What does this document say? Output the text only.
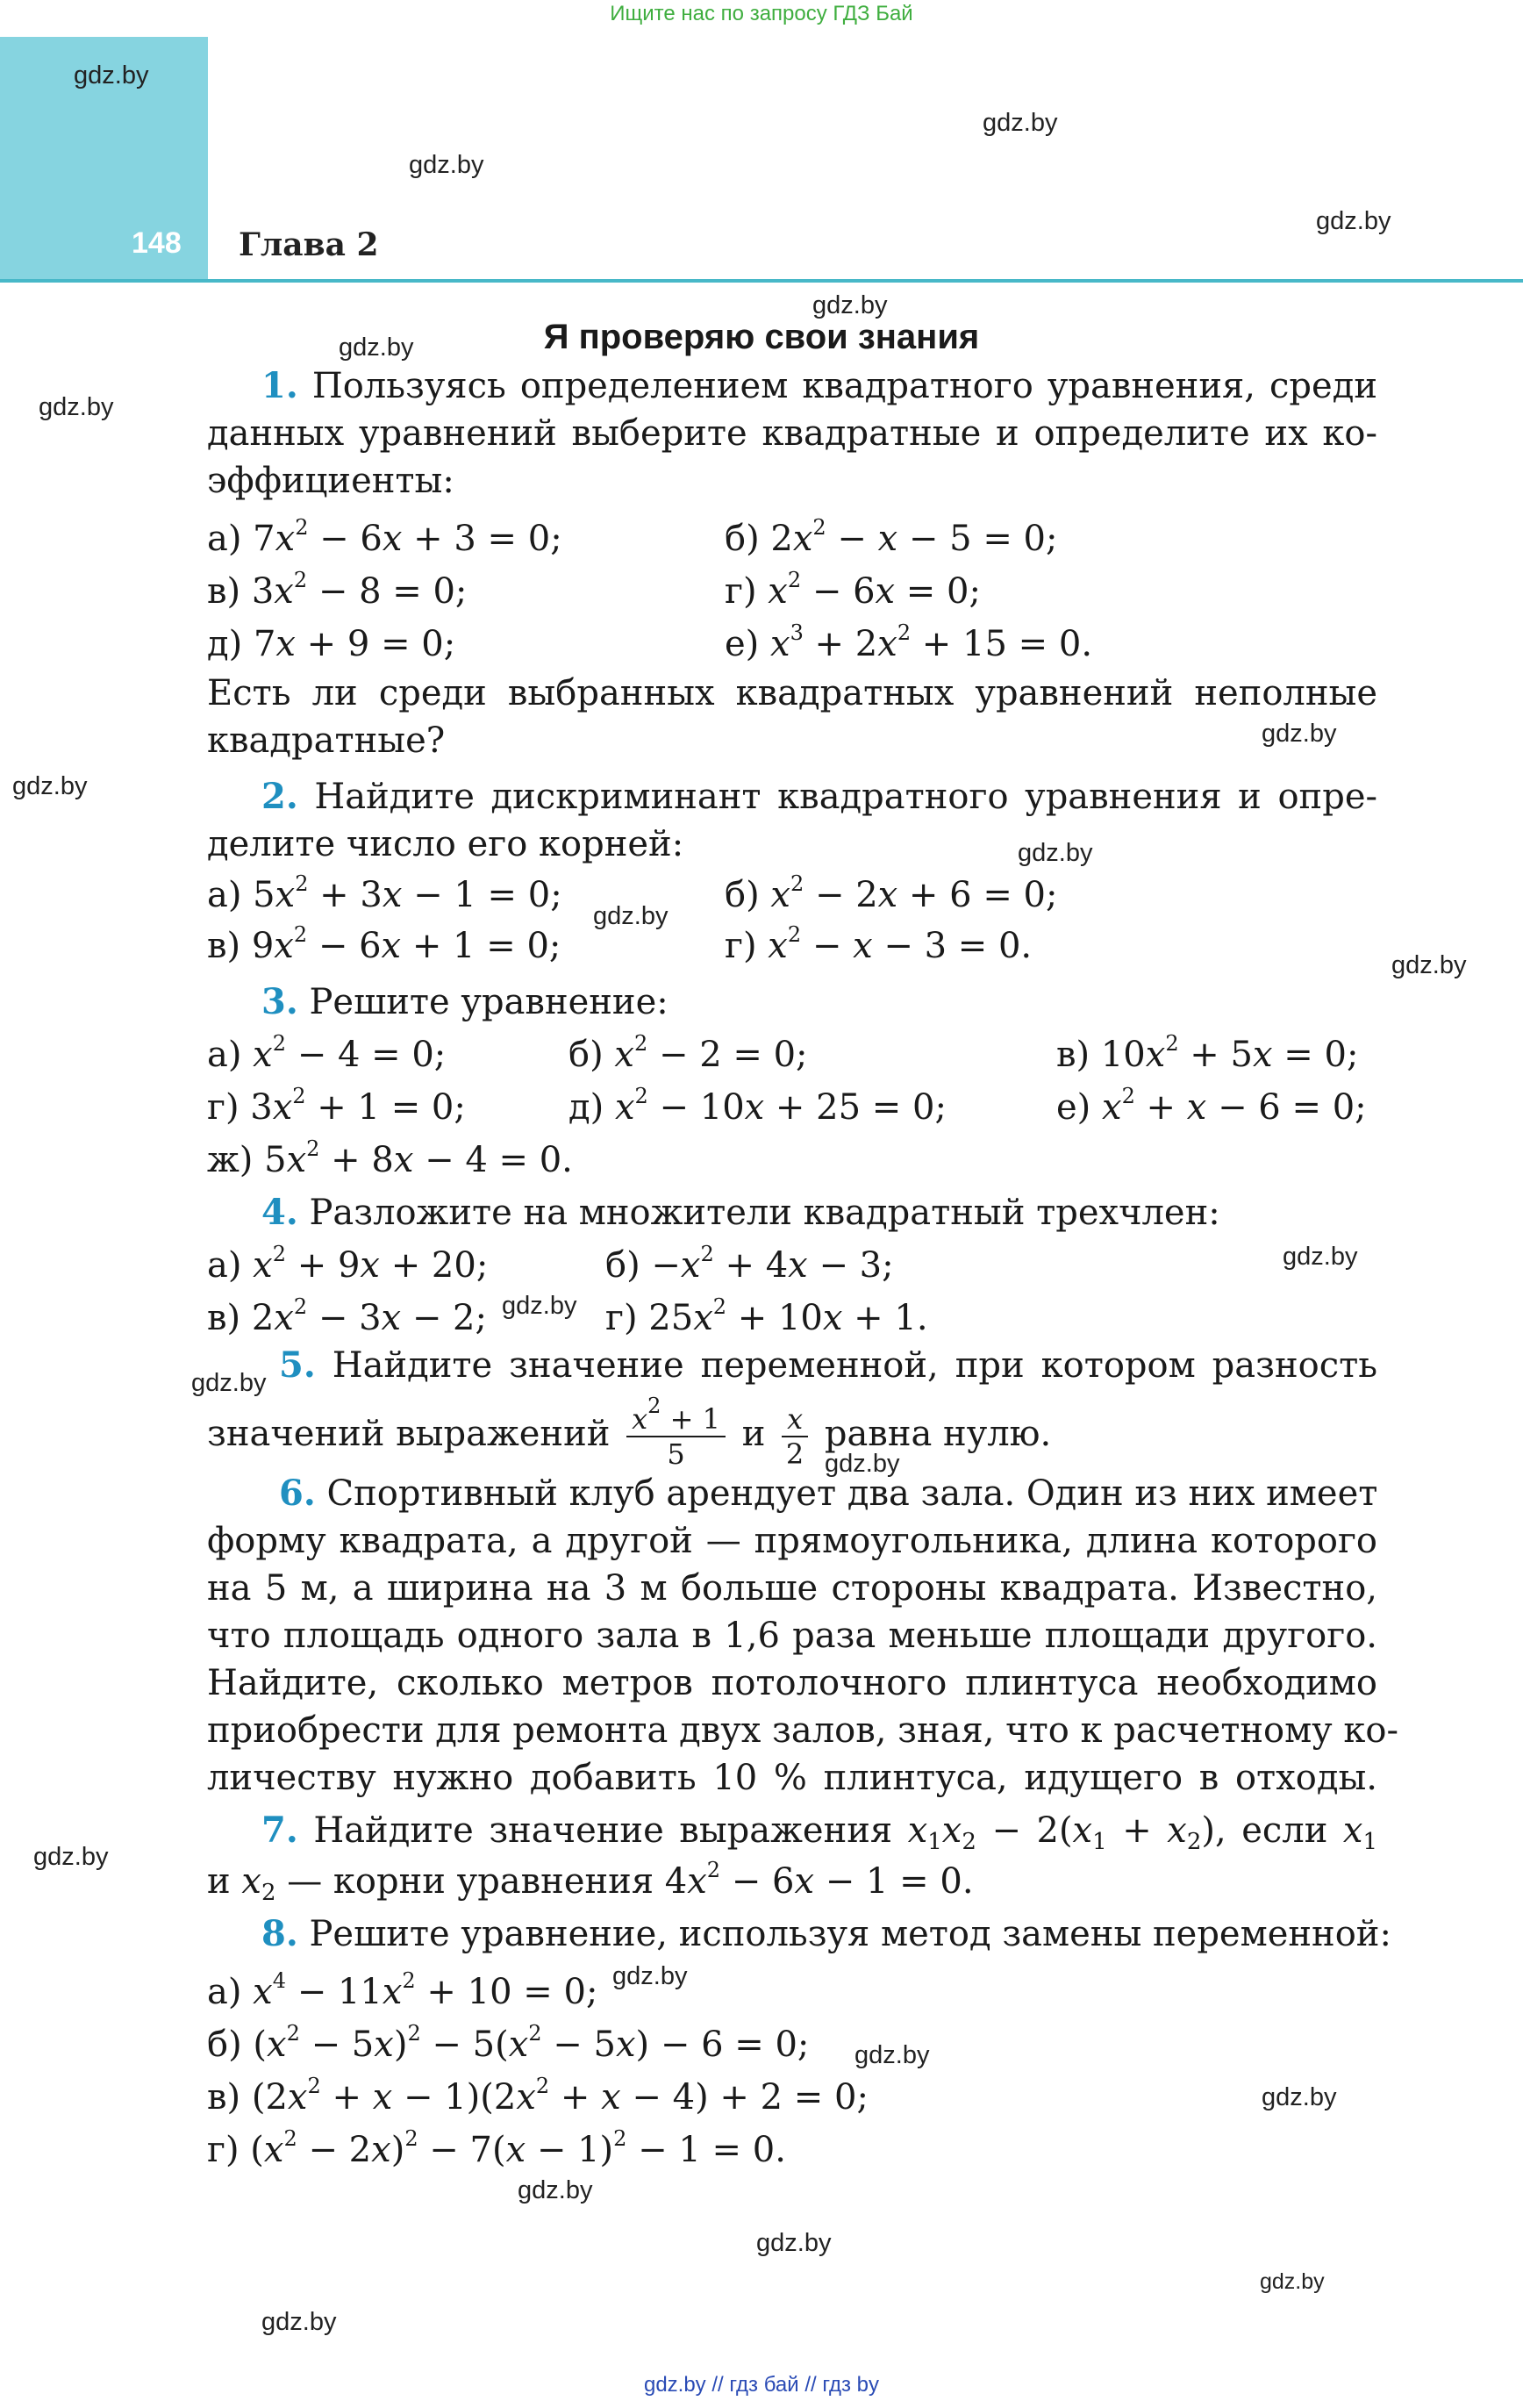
Ищите нас по запросу ГДЗ Бай
148 Глава 2
gdz.by
gdz.by
gdz.by
gdz.by
gdz.by
gdz.by
gdz.by
gdz.by
gdz.by
gdz.by
gdz.by
gdz.by
gdz.by
gdz.by
gdz.by
gdz.by
gdz.by
gdz.by
gdz.by
gdz.by
gdz.by
gdz.by
gdz.by
gdz.by
Я проверяю свои знания
1. Пользуясь определением квадратного уравнения, среди
данных уравнений выберите квадратные и определите их ко-
эффициенты:
а) $7x^2 - 6x + 3 = 0$;	б) $2x^2 - x - 5 = 0$;
в) $3x^2 - 8 = 0$;	г) $x^2 - 6x = 0$;
д) 7x + 9 = 0;	е) $x^3 + 2x^2 + 15 = 0$.
Есть ли среди выбранных квадратных уравнений неполные
квадратные?
2. Найдите дискриминант квадратного уравнения и опре-
делите число его корней:
а) $5x^2 + 3x - 1 = 0$;	б) $x^2 - 2x + 6 = 0$;
в) $9x^2 - 6x + 1 = 0$;	г) $x^2 - x - 3 = 0$.
3. Решите уравнение:
а) $x^2 - 4 = 0$;	б) $x^2 - 2 = 0$;	в) $10x^2 + 5x = 0$;
г) $3x^2 + 1 = 0$;	д) $x^2 - 10x + 25 = 0$;	е) $x^2 + x - 6 = 0$;
ж) $5x^2 + 8x - 4 = 0$.
4. Разложите на множители квадратный трехчлен:
а) $x^2 + 9x + 20$;	$б) -x^2 + 4x - 3$;
в) $2x^2 - 3x - 2$;	г) $25x^2 + 10x + 1$.
5. Найдите значение переменной, при котором разность
значений выражений $\frac{x^2 + 1}{5}$ и $\frac{x}{2}$ равна нулю.
6. Спортивный клуб арендует два зала. Один из них имеет
форму квадрата, а другой — прямоугольника, длина которого
на 5 м, а ширина на 3 м больше стороны квадрата. Известно,
что площадь одного зала в 1,6 раза меньше площади другого.
Найдите, сколько метров потолочного плинтуса необходимо
приобрести для ремонта двух залов, зная, что к расчетному ко-
личеству нужно добавить 10 % плинтуса, идущего в отходы.
7. Найдите значение выражения $x_1x_2 - 2(x_1 + x_2)$, если $x_1$
и $x_2$ — корни уравнения $4x^2 - 6x - 1 = 0$.
8. Решите уравнение, используя метод замены переменной:
а) $x^4 - 11x^2 + 10 = 0$;
б) $(x^2 - 5x)^2 - 5(x^2 - 5x) - 6 = 0$;
в) $(2x^2 + x - 1)(2x^2 + x - 4) + 2 = 0$;
г) $(x^2 - 2x)^2 - 7(x - 1)^2 - 1 = 0$.
gdz.by // гдз бай // гдз by
